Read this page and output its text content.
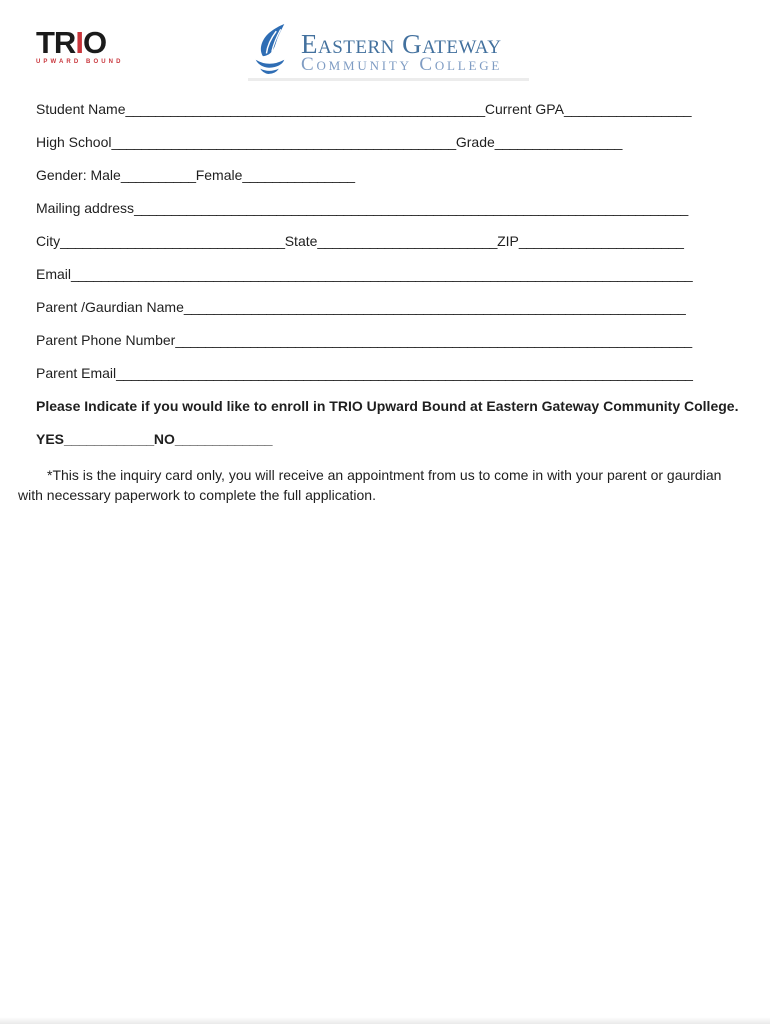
TRIO
UPWARD BOUND
Eastern Gateway
Community College
Student Name________________________________________________Current GPA_________________
High School______________________________________________Grade_________________
Gender: Male__________Female_______________
Mailing address__________________________________________________________________________
City______________________________State________________________ZIP______________________
Email___________________________________________________________________________________
Parent /Gaurdian Name___________________________________________________________________
Parent Phone Number_____________________________________________________________________
Parent Email_____________________________________________________________________________
Please Indicate if you would like to enroll in TRIO Upward Bound at Eastern Gateway Community College.
YES____________NO_____________
*This is the inquiry card only, you will receive an appointment from us to come in with your parent or gaurdian with necessary paperwork to complete the full application.
